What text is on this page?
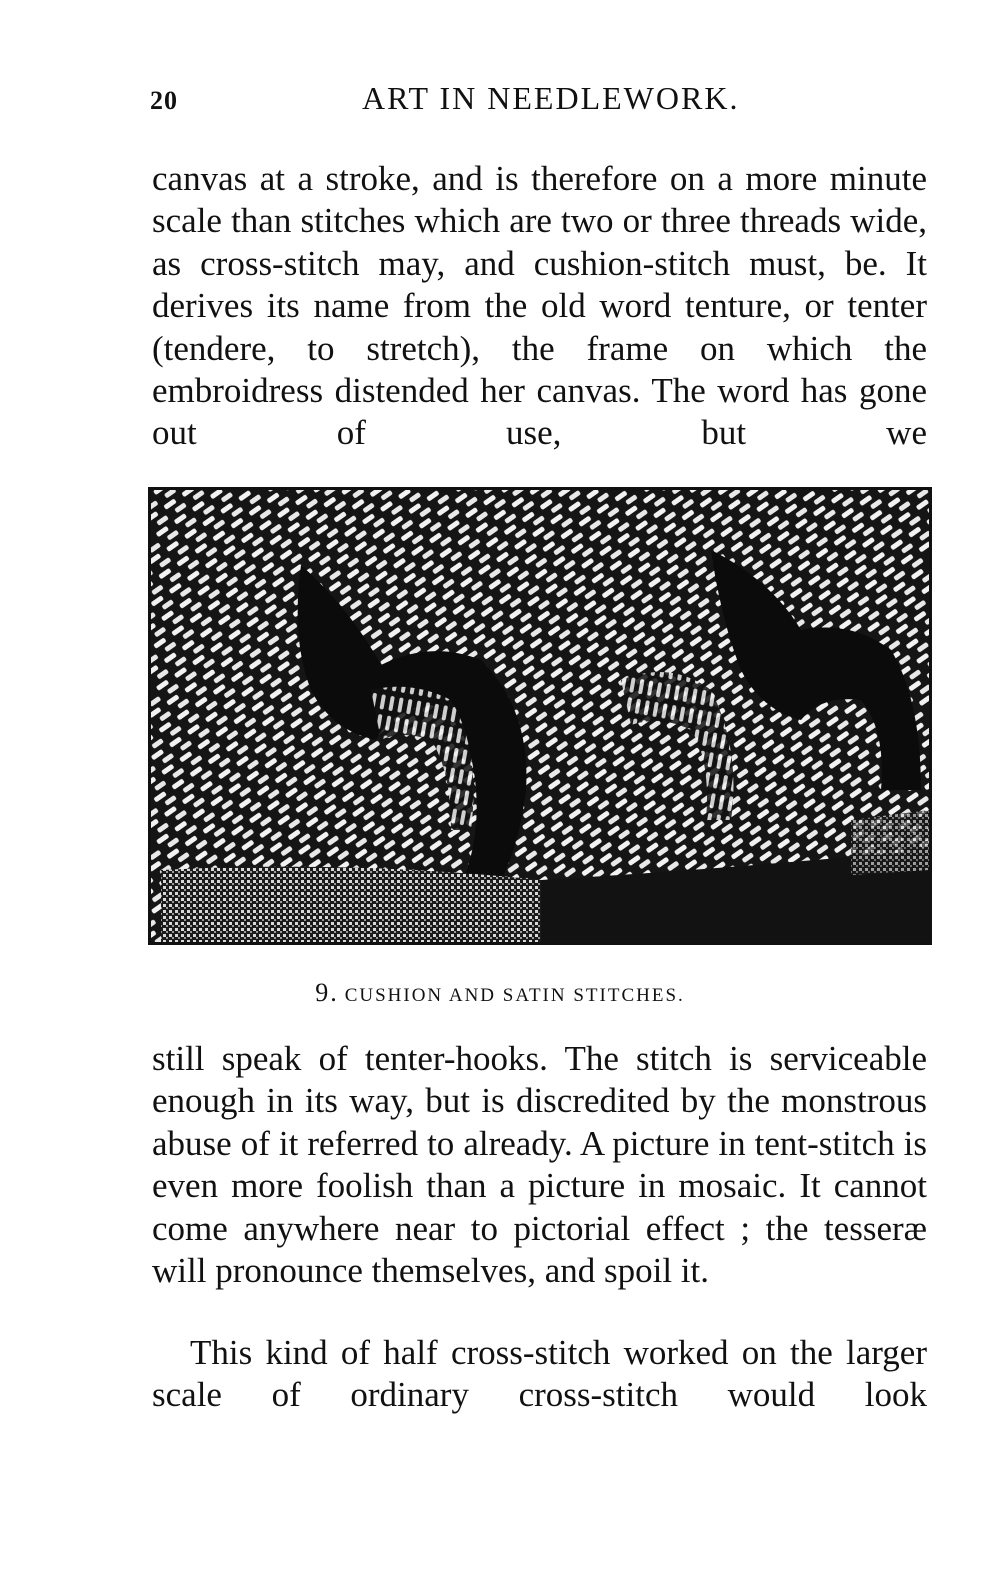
20	ART IN NEEDLEWORK.

canvas at a stroke, and is therefore on a more minute scale than stitches which are two or three threads wide, as cross-stitch may, and cushion-stitch must, be. It derives its name from the old word tenture, or tenter (tendere, to stretch), the frame on which the embroidress distended her canvas. The word has gone out of use, but we

9. CUSHION AND SATIN STITCHES.

still speak of tenter-hooks. The stitch is serviceable enough in its way, but is discredited by the monstrous abuse of it referred to already. A picture in tent-stitch is even more foolish than a picture in mosaic. It cannot come anywhere near to pictorial effect ; the tesseræ will pronounce themselves, and spoil it.

This kind of half cross-stitch worked on the larger scale of ordinary cross-stitch would look
